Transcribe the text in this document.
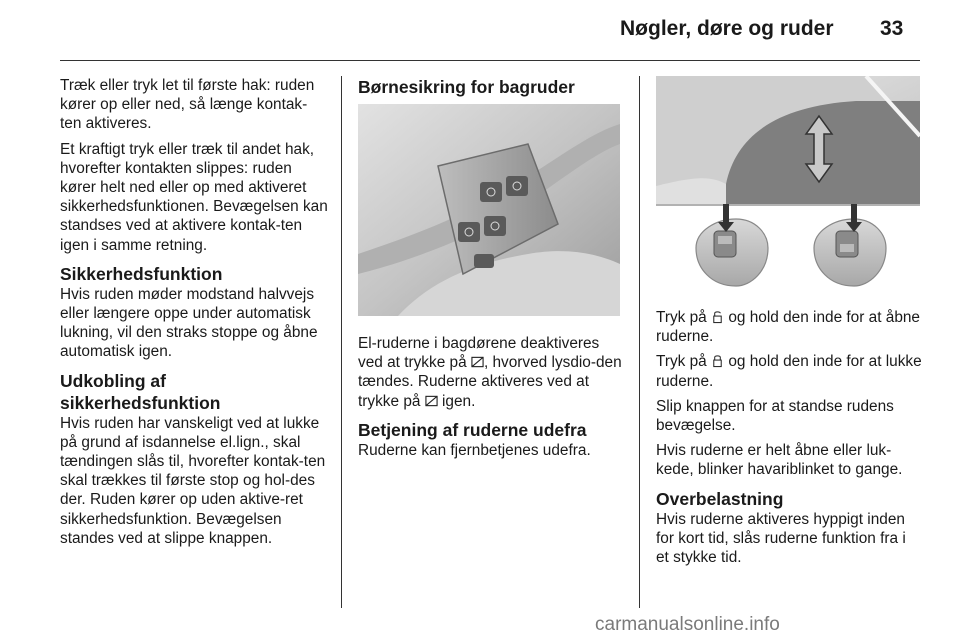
Nøgler, døre og ruder 33

Træk eller tryk let til første hak: ruden kører op eller ned, så længe kontak-ten aktiveres.

Et kraftigt tryk eller træk til andet hak, hvorefter kontakten slippes: ruden kører helt ned eller op med aktiveret sikkerhedsfunktionen. Bevægelsen kan standses ved at aktivere kontak-ten igen i samme retning.

Sikkerhedsfunktion

Hvis ruden møder modstand halvvejs eller længere oppe under automatisk lukning, vil den straks stoppe og åbne automatisk igen.

Udkobling af sikkerhedsfunktion

Hvis ruden har vanskeligt ved at lukke på grund af isdannelse el.lign., skal tændingen slås til, hvorefter kontak-ten skal trækkes til første stop og hol-des der. Ruden kører op uden aktive-ret sikkerhedsfunktion. Bevægelsen standes ved at slippe knappen.

Børnesikring for bagruder

El-ruderne i bagdørene deaktiveres ved at trykke på , hvorved lysdio-den tændes. Ruderne aktiveres ved at trykke på igen.

Betjening af ruderne udefra

Ruderne kan fjernbetjenes udefra.

Tryk på og hold den inde for at åbne ruderne.

Tryk på og hold den inde for at lukke ruderne.

Slip knappen for at standse rudens bevægelse.

Hvis ruderne er helt åbne eller luk-kede, blinker havariblinket to gange.

Overbelastning

Hvis ruderne aktiveres hyppigt inden for kort tid, slås ruderne funktion fra i et stykke tid.

carmanualsonline.info
